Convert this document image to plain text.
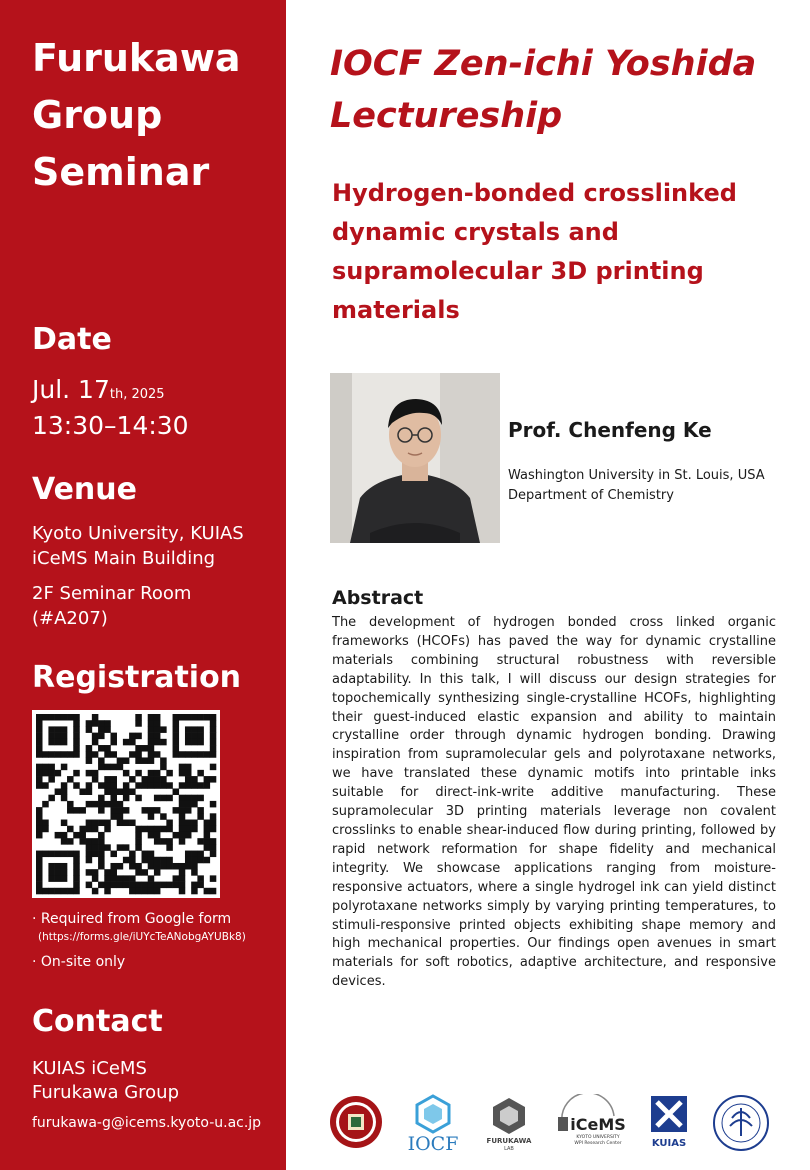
Furukawa
Group
Seminar
Date
Jul. 17th, 2025
13:30–14:30
Venue
Kyoto University, KUIAS
iCeMS Main Building
2F Seminar Room
(#A207)
Registration
· Required from Google form
(https://forms.gle/iUYcTeANobgAYUBk8)
· On-site only
Contact
KUIAS iCeMS
Furukawa Group
furukawa-g@icems.kyoto-u.ac.jp
IOCF Zen-ichi Yoshida
Lectureship
Hydrogen-bonded crosslinked
dynamic crystals and
supramolecular 3D printing
materials
Prof. Chenfeng Ke
Washington University in St. Louis, USA
Department of Chemistry
Abstract
The development of hydrogen bonded cross linked organic frameworks (HCOFs) has paved the way for dynamic crystalline materials combining structural robustness with reversible adaptability. In this talk, I will discuss our design strategies for topochemically synthesizing single-crystalline HCOFs, highlighting their guest-induced elastic expansion and ability to maintain crystalline order through dynamic hydrogen bonding. Drawing inspiration from supramolecular gels and polyrotaxane networks, we have translated these dynamic motifs into printable inks suitable for direct-ink-write additive manufacturing. These supramolecular 3D printing materials leverage non covalent crosslinks to enable shear-induced flow during printing, followed by rapid network reformation for shape fidelity and mechanical integrity. We showcase applications ranging from moisture-responsive actuators, where a single hydrogel ink can yield distinct polyrotaxane networks simply by varying printing temperatures, to stimuli-responsive printed objects exhibiting shape memory and high mechanical properties. Our findings open avenues in smart materials for soft robotics, adaptive architecture, and responsive devices.
IOCF	FURUKAWA
LAB
iCeMS
KYOTO UNIVERSITY
WPI Research Center	KUIAS
